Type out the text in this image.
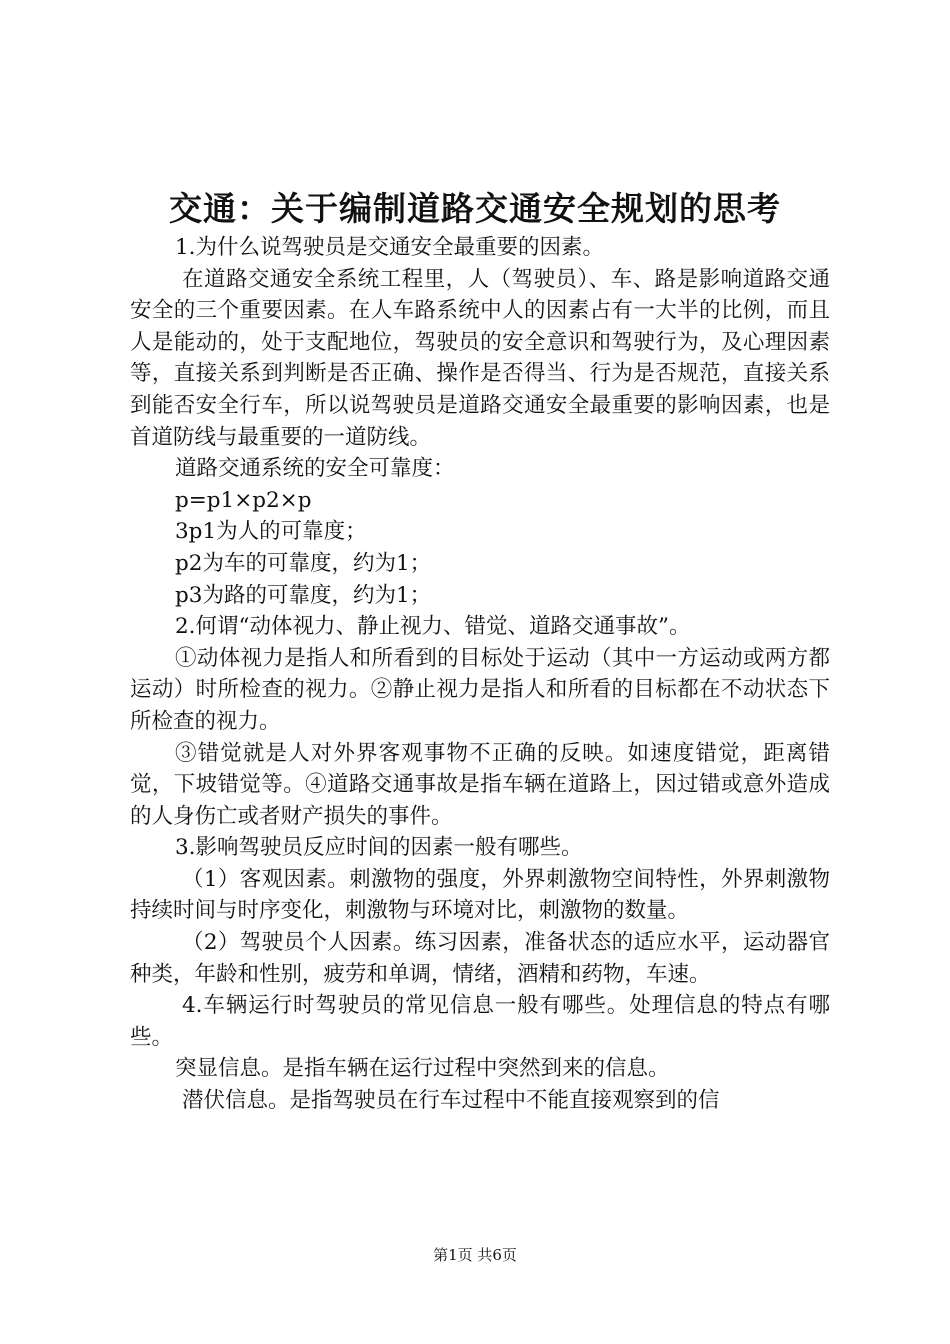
交通：关于编制道路交通安全规划的思考

1.为什么说驾驶员是交通安全最重要的因素。

在道路交通安全系统工程里，人（驾驶员）、车、路是影响道路交通安全的三个重要因素。在人车路系统中人的因素占有一大半的比例，而且人是能动的，处于支配地位，驾驶员的安全意识和驾驶行为，及心理因素等，直接关系到判断是否正确、操作是否得当、行为是否规范，直接关系到能否安全行车，所以说驾驶员是道路交通安全最重要的影响因素，也是首道防线与最重要的一道防线。

道路交通系统的安全可靠度：

p=p1×p2×p

3p1为人的可靠度；

p2为车的可靠度，约为1；

p3为路的可靠度，约为1；

2.何谓“动体视力、静止视力、错觉、道路交通事故”。

①动体视力是指人和所看到的目标处于运动（其中一方运动或两方都运动）时所检查的视力。②静止视力是指人和所看的目标都在不动状态下所检查的视力。

③错觉就是人对外界客观事物不正确的反映。如速度错觉，距离错觉，下坡错觉等。④道路交通事故是指车辆在道路上，因过错或意外造成的人身伤亡或者财产损失的事件。

3.影响驾驶员反应时间的因素一般有哪些。

（1）客观因素。刺激物的强度，外界刺激物空间特性，外界刺激物持续时间与时序变化，刺激物与环境对比，刺激物的数量。

（2）驾驶员个人因素。练习因素，准备状态的适应水平，运动器官种类，年龄和性别，疲劳和单调，情绪，酒精和药物，车速。

4.车辆运行时驾驶员的常见信息一般有哪些。处理信息的特点有哪些。

突显信息。是指车辆在运行过程中突然到来的信息。

潜伏信息。是指驾驶员在行车过程中不能直接观察到的信

第1页 共6页
